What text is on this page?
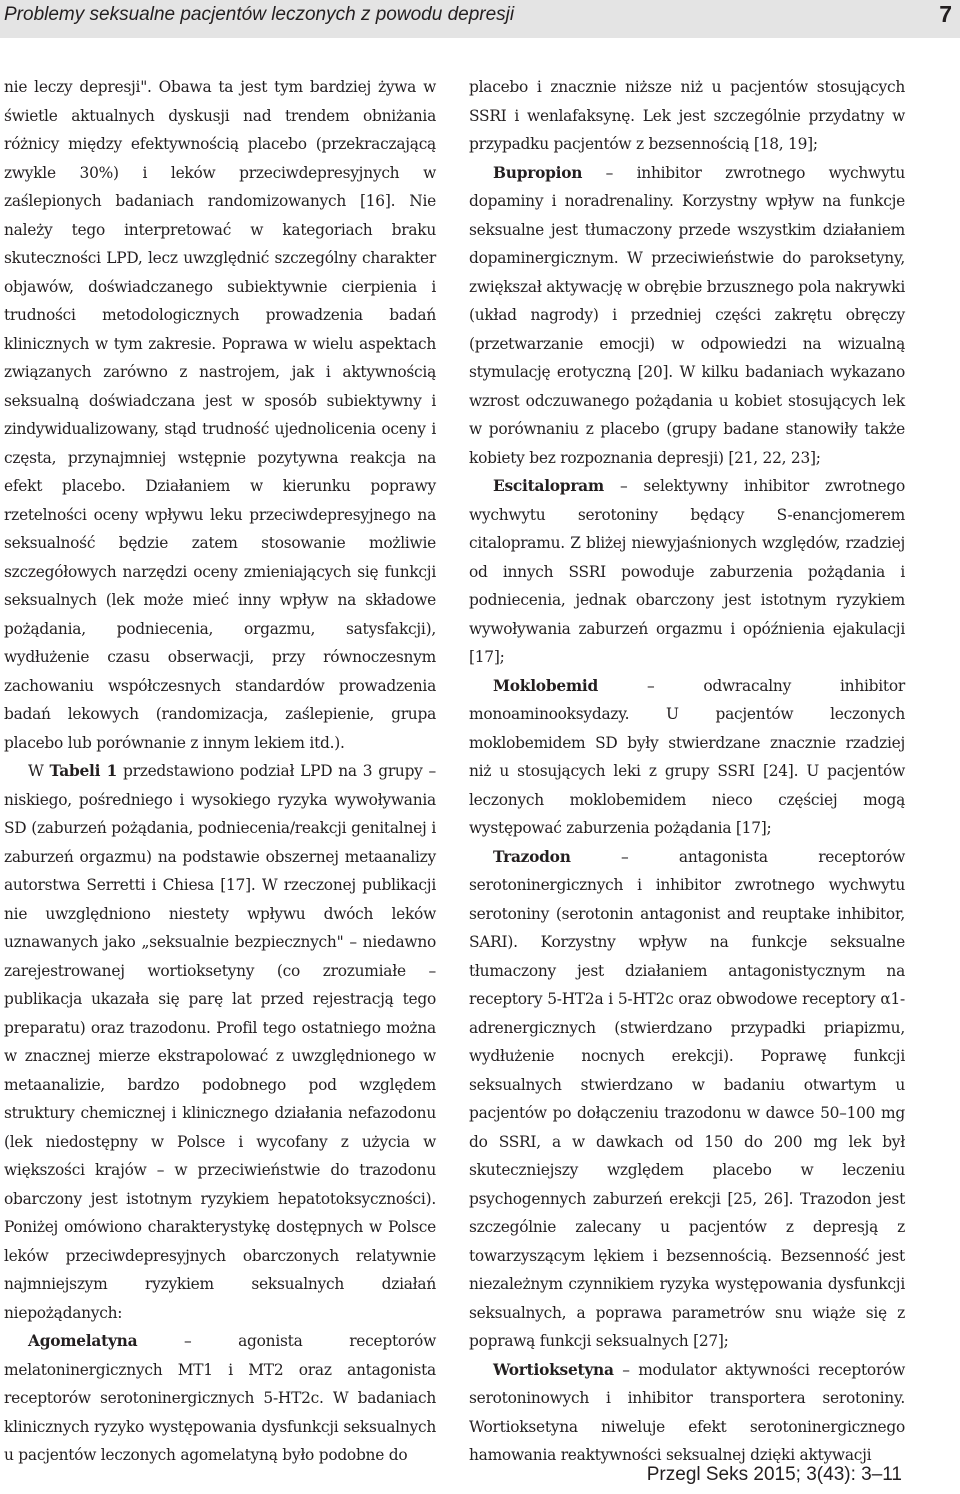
Problemy seksualne pacjentów leczonych z powodu depresji	7

nie leczy depresji". Obawa ta jest tym bardziej żywa w świetle aktualnych dyskusji nad trendem obniżania różnicy między efektywnością placebo (przekraczającą zwykle 30%) i leków przeciwdepresyjnych w zaślepionych badaniach randomizowanych [16]. Nie należy tego interpretować w kategoriach braku skuteczności LPD, lecz uwzględnić szczególny charakter objawów, doświadczanego subiektywnie cierpienia i trudności metodologicznych prowadzenia badań klinicznych w tym zakresie. Poprawa w wielu aspektach związanych zarówno z nastrojem, jak i aktywnością seksualną doświadczana jest w sposób subiektywny i zindywidualizowany, stąd trudność ujednolicenia oceny i częsta, przynajmniej wstępnie pozytywna reakcja na efekt placebo. Działaniem w kierunku poprawy rzetelności oceny wpływu leku przeciwdepresyjnego na seksualność będzie zatem stosowanie możliwie szczegółowych narzędzi oceny zmieniających się funkcji seksualnych (lek może mieć inny wpływ na składowe pożądania, podniecenia, orgazmu, satysfakcji), wydłużenie czasu obserwacji, przy równoczesnym zachowaniu współczesnych standardów prowadzenia badań lekowych (randomizacja, zaślepienie, grupa placebo lub porównanie z innym lekiem itd.).

W Tabeli 1 przedstawiono podział LPD na 3 grupy – niskiego, pośredniego i wysokiego ryzyka wywoływania SD (zaburzeń pożądania, podniecenia/reakcji genitalnej i zaburzeń orgazmu) na podstawie obszernej metaanalizy autorstwa Serretti i Chiesa [17]. W rzeczonej publikacji nie uwzględniono niestety wpływu dwóch leków uznawanych jako „seksualnie bezpiecznych" – niedawno zarejestrowanej wortioksetyny (co zrozumiałe – publikacja ukazała się parę lat przed rejestracją tego preparatu) oraz trazodonu. Profil tego ostatniego można w znacznej mierze ekstrapolować z uwzględnionego w metaanalizie, bardzo podobnego pod względem struktury chemicznej i klinicznego działania nefazodonu (lek niedostępny w Polsce i wycofany z użycia w większości krajów – w przeciwieństwie do trazodonu obarczony jest istotnym ryzykiem hepatotoksyczności). Poniżej omówiono charakterystykę dostępnych w Polsce leków przeciwdepresyjnych obarczonych relatywnie najmniejszym ryzykiem seksualnych działań niepożądanych:

Agomelatyna – agonista receptorów melatoninergicznych MT1 i MT2 oraz antagonista receptorów serotoninergicznych 5-HT2c. W badaniach klinicznych ryzyko występowania dysfunkcji seksualnych u pacjentów leczonych agomelatyną było podobne do

placebo i znacznie niższe niż u pacjentów stosujących SSRI i wenlafaksynę. Lek jest szczególnie przydatny w przypadku pacjentów z bezsennością [18, 19];

Bupropion – inhibitor zwrotnego wychwytu dopaminy i noradrenaliny. Korzystny wpływ na funkcje seksualne jest tłumaczony przede wszystkim działaniem dopaminergicznym. W przeciwieństwie do paroksetyny, zwiększał aktywację w obrębie brzusznego pola nakrywki (układ nagrody) i przedniej części zakrętu obręczy (przetwarzanie emocji) w odpowiedzi na wizualną stymulację erotyczną [20]. W kilku badaniach wykazano wzrost odczuwanego pożądania u kobiet stosujących lek w porównaniu z placebo (grupy badane stanowiły także kobiety bez rozpoznania depresji) [21, 22, 23];

Escitalopram – selektywny inhibitor zwrotnego wychwytu serotoniny będący S-enancjomerem citalopramu. Z bliżej niewyjaśnionych względów, rzadziej od innych SSRI powoduje zaburzenia pożądania i podniecenia, jednak obarczony jest istotnym ryzykiem wywoływania zaburzeń orgazmu i opóźnienia ejakulacji [17];

Moklobemid – odwracalny inhibitor monoaminooksydazy. U pacjentów leczonych moklobemidem SD były stwierdzane znacznie rzadziej niż u stosujących leki z grupy SSRI [24]. U pacjentów leczonych moklobemidem nieco częściej mogą występować zaburzenia pożądania [17];

Trazodon – antagonista receptorów serotoninergicznych i inhibitor zwrotnego wychwytu serotoniny (serotonin antagonist and reuptake inhibitor, SARI). Korzystny wpływ na funkcje seksualne tłumaczony jest działaniem antagonistycznym na receptory 5-HT2a i 5-HT2c oraz obwodowe receptory α1-adrenergicznych (stwierdzano przypadki priapizmu, wydłużenie nocnych erekcji). Poprawę funkcji seksualnych stwierdzano w badaniu otwartym u pacjentów po dołączeniu trazodonu w dawce 50–100 mg do SSRI, a w dawkach od 150 do 200 mg lek był skuteczniejszy względem placebo w leczeniu psychogennych zaburzeń erekcji [25, 26]. Trazodon jest szczególnie zalecany u pacjentów z depresją z towarzyszącym lękiem i bezsennością. Bezsenność jest niezależnym czynnikiem ryzyka występowania dysfunkcji seksualnych, a poprawa parametrów snu wiąże się z poprawą funkcji seksualnych [27];

Wortioksetyna – modulator aktywności receptorów serotoninowych i inhibitor transportera serotoniny. Wortioksetyna niweluje efekt serotoninergicznego hamowania reaktywności seksualnej dzięki aktywacji

Przegl Seks 2015; 3(43): 3–11
